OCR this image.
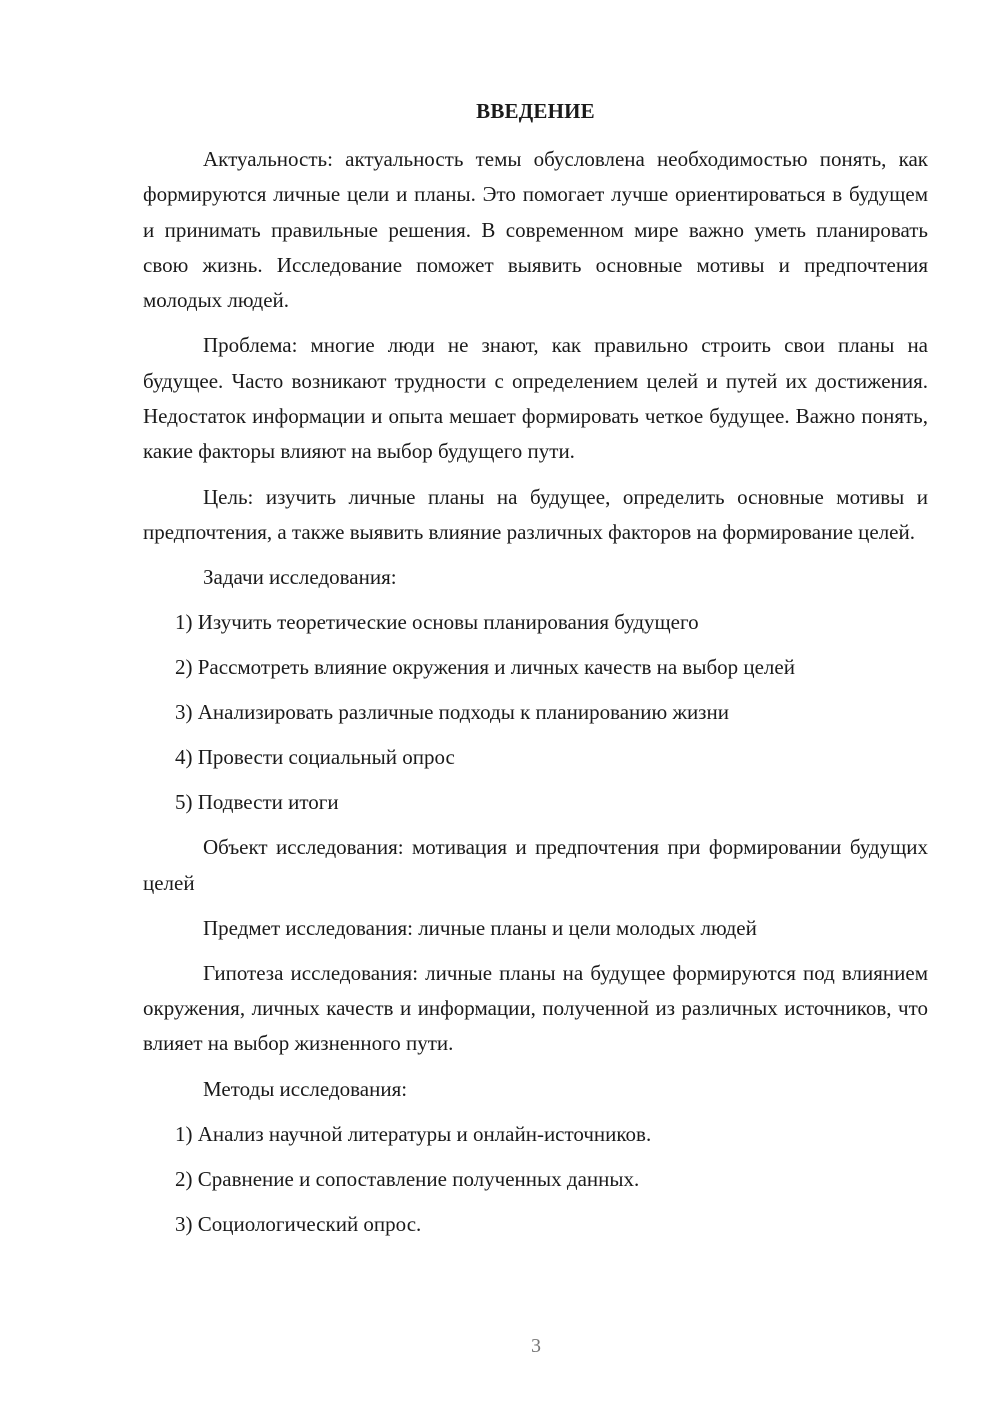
ВВЕДЕНИЕ

Актуальность: актуальность темы обусловлена необходимостью понять, как формируются личные цели и планы. Это помогает лучше ориентироваться в будущем и принимать правильные решения. В современном мире важно уметь планировать свою жизнь. Исследование поможет выявить основные мотивы и предпочтения молодых людей.

Проблема: многие люди не знают, как правильно строить свои планы на будущее. Часто возникают трудности с определением целей и путей их достижения. Недостаток информации и опыта мешает формировать четкое будущее. Важно понять, какие факторы влияют на выбор будущего пути.

Цель: изучить личные планы на будущее, определить основные мотивы и предпочтения, а также выявить влияние различных факторов на формирование целей.

Задачи исследования:

1) Изучить теоретические основы планирования будущего
2) Рассмотреть влияние окружения и личных качеств на выбор целей
3) Анализировать различные подходы к планированию жизни
4) Провести социальный опрос
5) Подвести итоги

Объект исследования: мотивация и предпочтения при формировании будущих целей

Предмет исследования: личные планы и цели молодых людей

Гипотеза исследования: личные планы на будущее формируются под влиянием окружения, личных качеств и информации, полученной из различных источников, что влияет на выбор жизненного пути.

Методы исследования:

1) Анализ научной литературы и онлайн-источников.
2) Сравнение и сопоставление полученных данных.
3) Социологический опрос.
3
